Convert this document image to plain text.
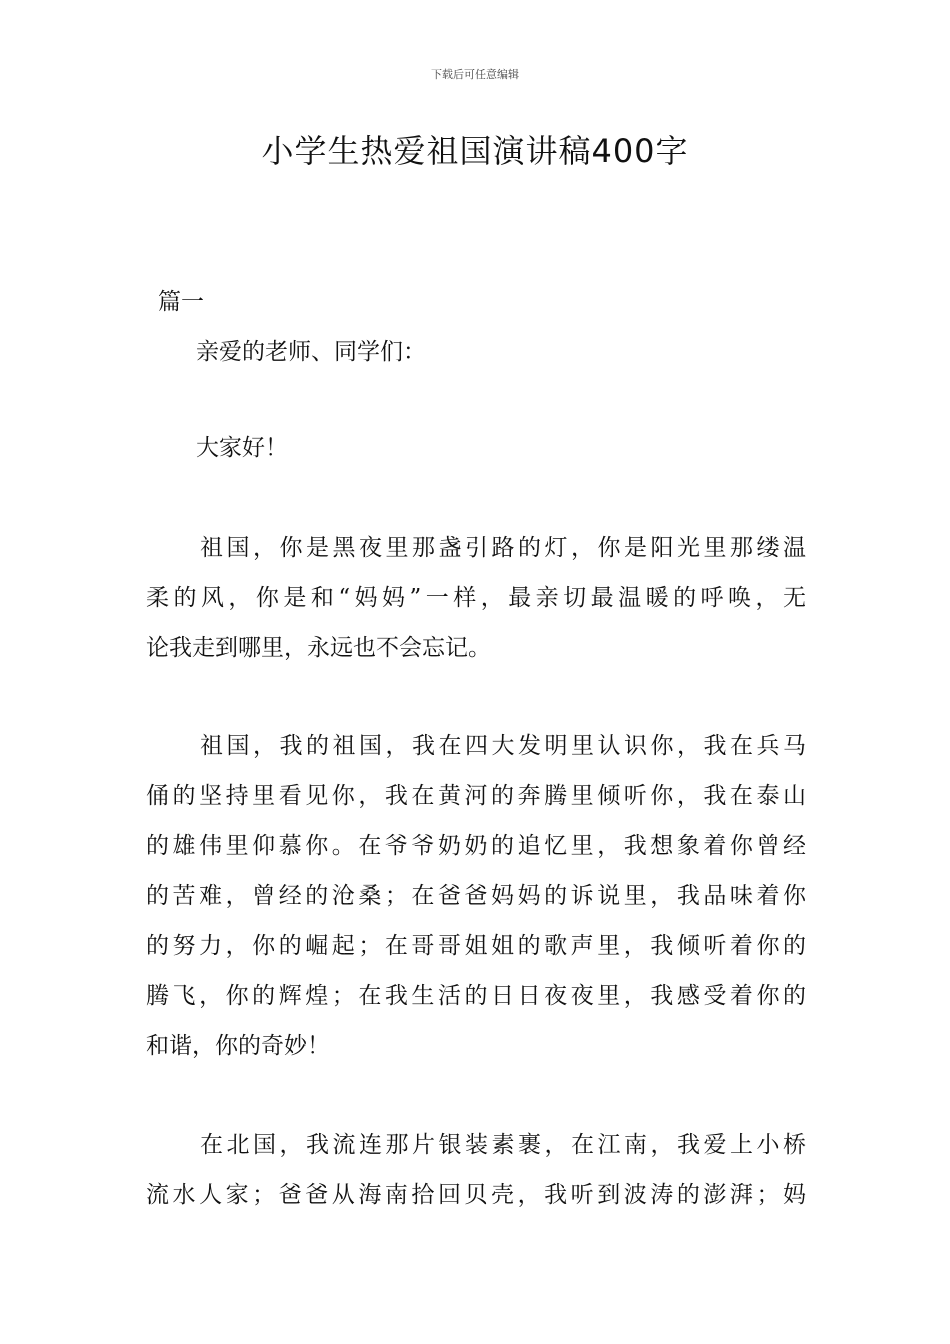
下载后可任意编辑
小学生热爱祖国演讲稿400字
篇一
亲爱的老师、同学们：
大家好！
祖国，你是黑夜里那盏引路的灯，你是阳光里那缕温
柔的风，你是和“妈妈”一样，最亲切最温暖的呼唤，无
论我走到哪里，永远也不会忘记。
祖国，我的祖国，我在四大发明里认识你，我在兵马
俑的坚持里看见你，我在黄河的奔腾里倾听你，我在泰山
的雄伟里仰慕你。在爷爷奶奶的追忆里，我想象着你曾经
的苦难，曾经的沧桑；在爸爸妈妈的诉说里，我品味着你
的努力，你的崛起；在哥哥姐姐的歌声里，我倾听着你的
腾飞，你的辉煌；在我生活的日日夜夜里，我感受着你的
和谐，你的奇妙！
在北国，我流连那片银装素裹，在江南，我爱上小桥
流水人家；爸爸从海南拾回贝壳，我听到波涛的澎湃；妈
